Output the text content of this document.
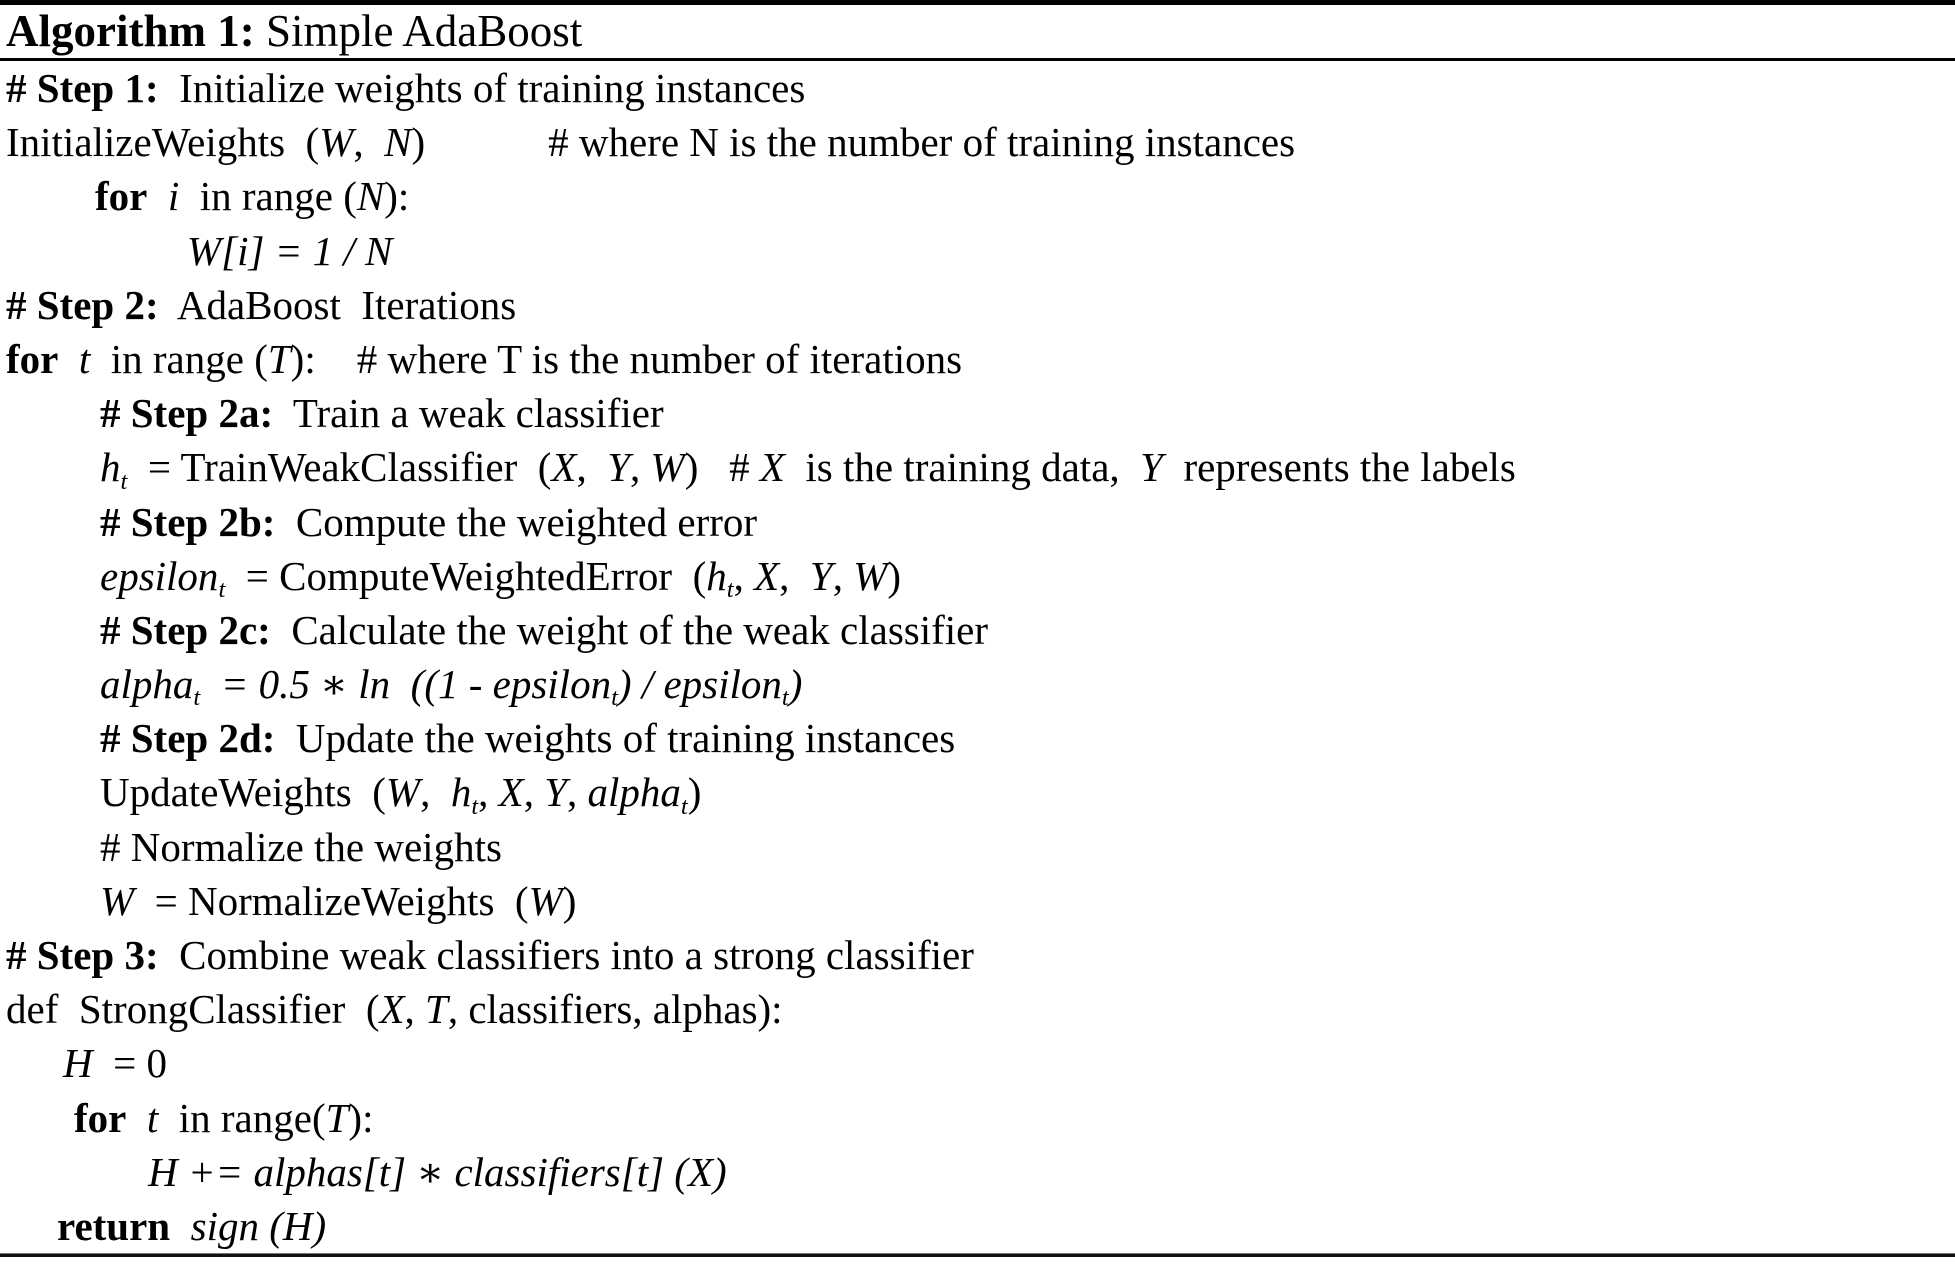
Algorithm 1: Simple AdaBoost
# Step 1:  Initialize weights of training instances
InitializeWeights  (W,  N)            # where N is the number of training instances
for i  in range (N):
W[i] = 1 / N
# Step 2:  AdaBoost  Iterations
for t  in range (T):    # where T is the number of iterations
# Step 2a:  Train a weak classifier
ht  = TrainWeakClassifier  (X,  Y, W)   # X  is the training data,  Y  represents the labels
# Step 2b:  Compute the weighted error
epsilont  = ComputeWeightedError  (ht, X,  Y, W)
# Step 2c:  Calculate the weight of the weak classifier
alphat  = 0.5 ∗ ln  ((1 - epsilont) / epsilont)
# Step 2d:  Update the weights of training instances
UpdateWeights  (W,  ht, X, Y, alphat)
# Normalize the weights
W  = NormalizeWeights  (W)
# Step 3:  Combine weak classifiers into a strong classifier
def  StrongClassifier  (X, T, classifiers, alphas):
H  = 0
for t  in range(T):
H += alphas[t] ∗ classifiers[t] (X)
return sign (H)
